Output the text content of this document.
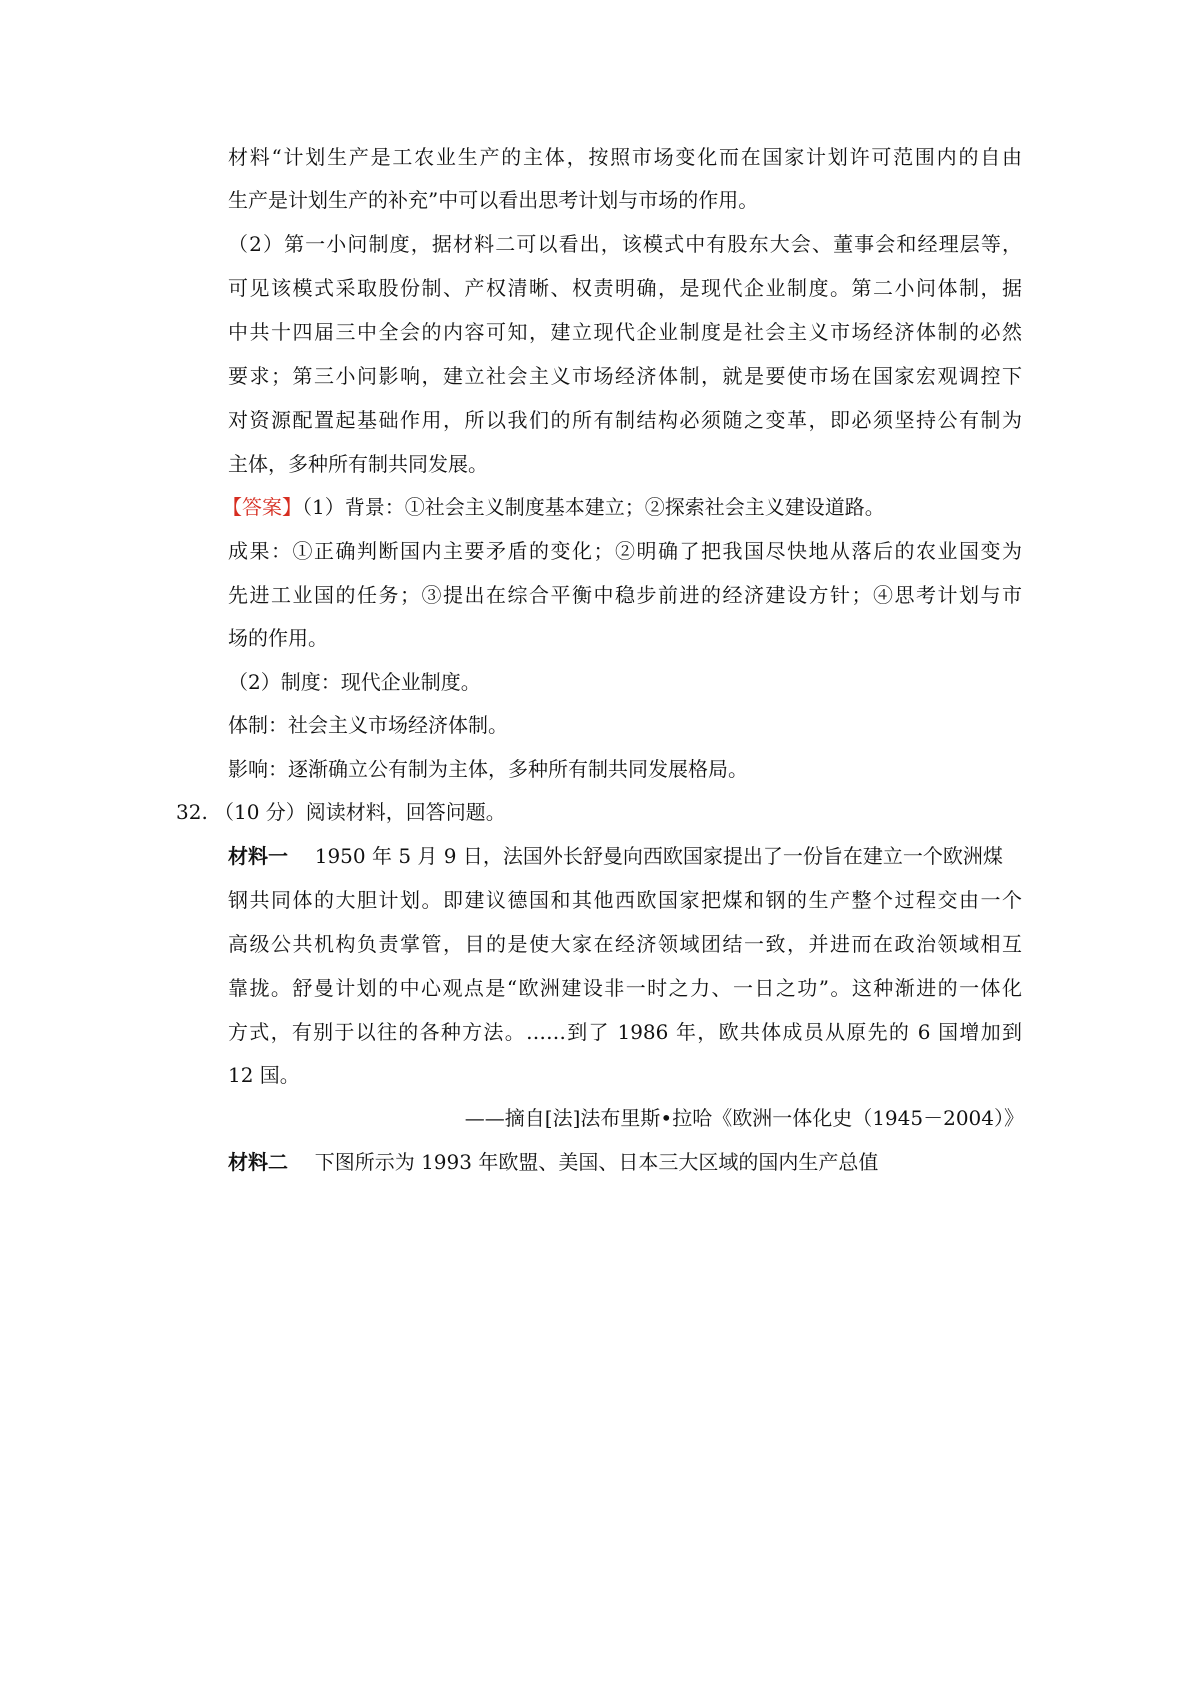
材料“计划生产是工农业生产的主体，按照市场变化而在国家计划许可范围内的自由
生产是计划生产的补充”中可以看出思考计划与市场的作用。
（2）第一小问制度，据材料二可以看出，该模式中有股东大会、董事会和经理层等，
可见该模式采取股份制、产权清晰、权责明确，是现代企业制度。第二小问体制，据
中共十四届三中全会的内容可知，建立现代企业制度是社会主义市场经济体制的必然
要求；第三小问影响，建立社会主义市场经济体制，就是要使市场在国家宏观调控下
对资源配置起基础作用，所以我们的所有制结构必须随之变革，即必须坚持公有制为
主体，多种所有制共同发展。
【答案】（1）背景：①社会主义制度基本建立；②探索社会主义建设道路。
成果：①正确判断国内主要矛盾的变化；②明确了把我国尽快地从落后的农业国变为
先进工业国的任务；③提出在综合平衡中稳步前进的经济建设方针；④思考计划与市
场的作用。
（2）制度：现代企业制度。
体制：社会主义市场经济体制。
影响：逐渐确立公有制为主体，多种所有制共同发展格局。
32. （10 分）阅读材料，回答问题。
材料一 1950 年 5 月 9 日，法国外长舒曼向西欧国家提出了一份旨在建立一个欧洲煤
钢共同体的大胆计划。即建议德国和其他西欧国家把煤和钢的生产整个过程交由一个
高级公共机构负责掌管，目的是使大家在经济领域团结一致，并进而在政治领域相互
靠拢。舒曼计划的中心观点是“欧洲建设非一时之力、一日之功”。这种渐进的一体化
方式，有别于以往的各种方法。……到了 1986 年，欧共体成员从原先的 6 国增加到
12 国。
——摘自[法]法布里斯•拉哈《欧洲一体化史（1945－2004）》
材料二 下图所示为 1993 年欧盟、美国、日本三大区域的国内生产总值
